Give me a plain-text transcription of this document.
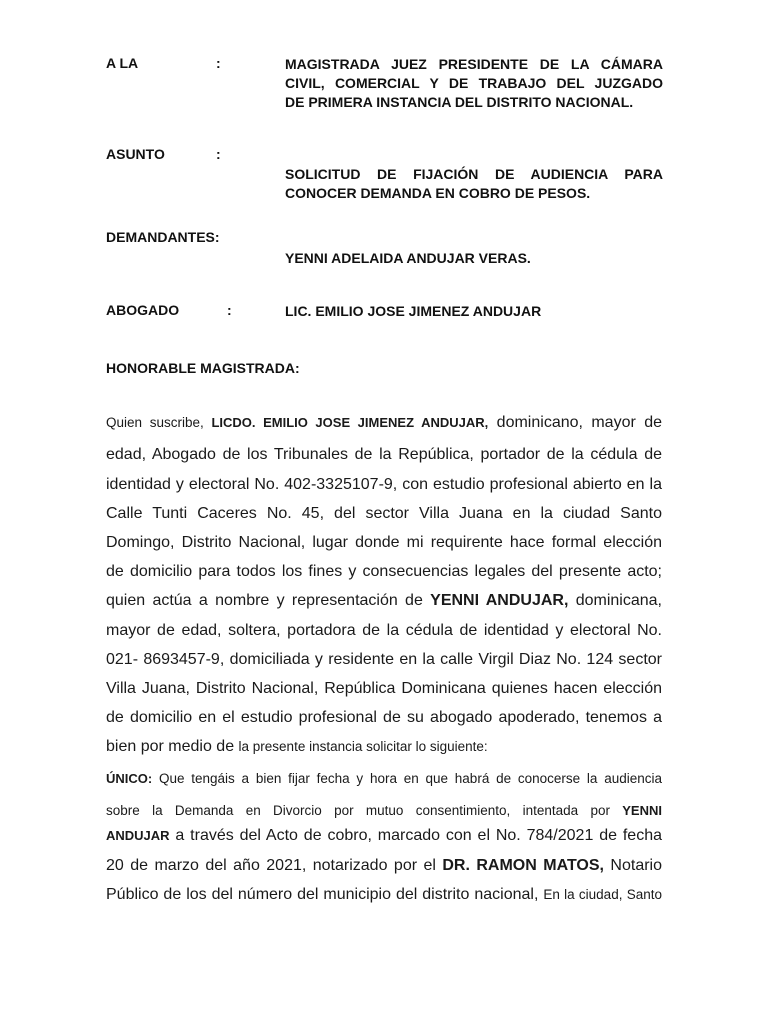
A LA	:	MAGISTRADA JUEZ PRESIDENTE DE LA CÁMARA
CIVIL, COMERCIAL Y DE TRABAJO DEL JUZGADO
DE PRIMERA INSTANCIA DEL DISTRITO NACIONAL.
ASUNTO	:
SOLICITUD DE FIJACIÓN DE AUDIENCIA PARA
CONOCER DEMANDA EN COBRO DE PESOS.
DEMANDANTES:
YENNI ADELAIDA ANDUJAR VERAS.
ABOGADO	:	LIC. EMILIO JOSE JIMENEZ ANDUJAR
HONORABLE MAGISTRADA:
Quien suscribe, LICDO. EMILIO JOSE JIMENEZ ANDUJAR, dominicano, mayor de
edad, Abogado de los Tribunales de la República, portador de la cédula de
identidad y electoral No. 402-3325107-9, con estudio profesional abierto en la
Calle Tunti Caceres No. 45, del sector Villa Juana en la ciudad Santo
Domingo, Distrito Nacional, lugar donde mi requirente hace formal elección
de domicilio para todos los fines y consecuencias legales del presente acto;
quien actúa a nombre y representación de YENNI ANDUJAR, dominicana,
mayor de edad, soltera, portadora de la cédula de identidad y electoral No.
021- 8693457-9, domiciliada y residente en la calle Virgil Diaz No. 124 sector
Villa Juana, Distrito Nacional, República Dominicana quienes hacen elección
de domicilio en el estudio profesional de su abogado apoderado, tenemos a
bien por medio de la presente instancia solicitar lo siguiente:
ÚNICO: Que tengáis a bien fijar fecha y hora en que habrá de conocerse la audiencia
sobre la Demanda en Divorcio por mutuo consentimiento, intentada por YENNI
ANDUJAR a través del Acto de cobro, marcado con el No. 784/2021 de fecha
20 de marzo del año 2021, notarizado por el DR. RAMON MATOS, Notario
Público de los del número del municipio del distrito nacional, En la ciudad, Santo
